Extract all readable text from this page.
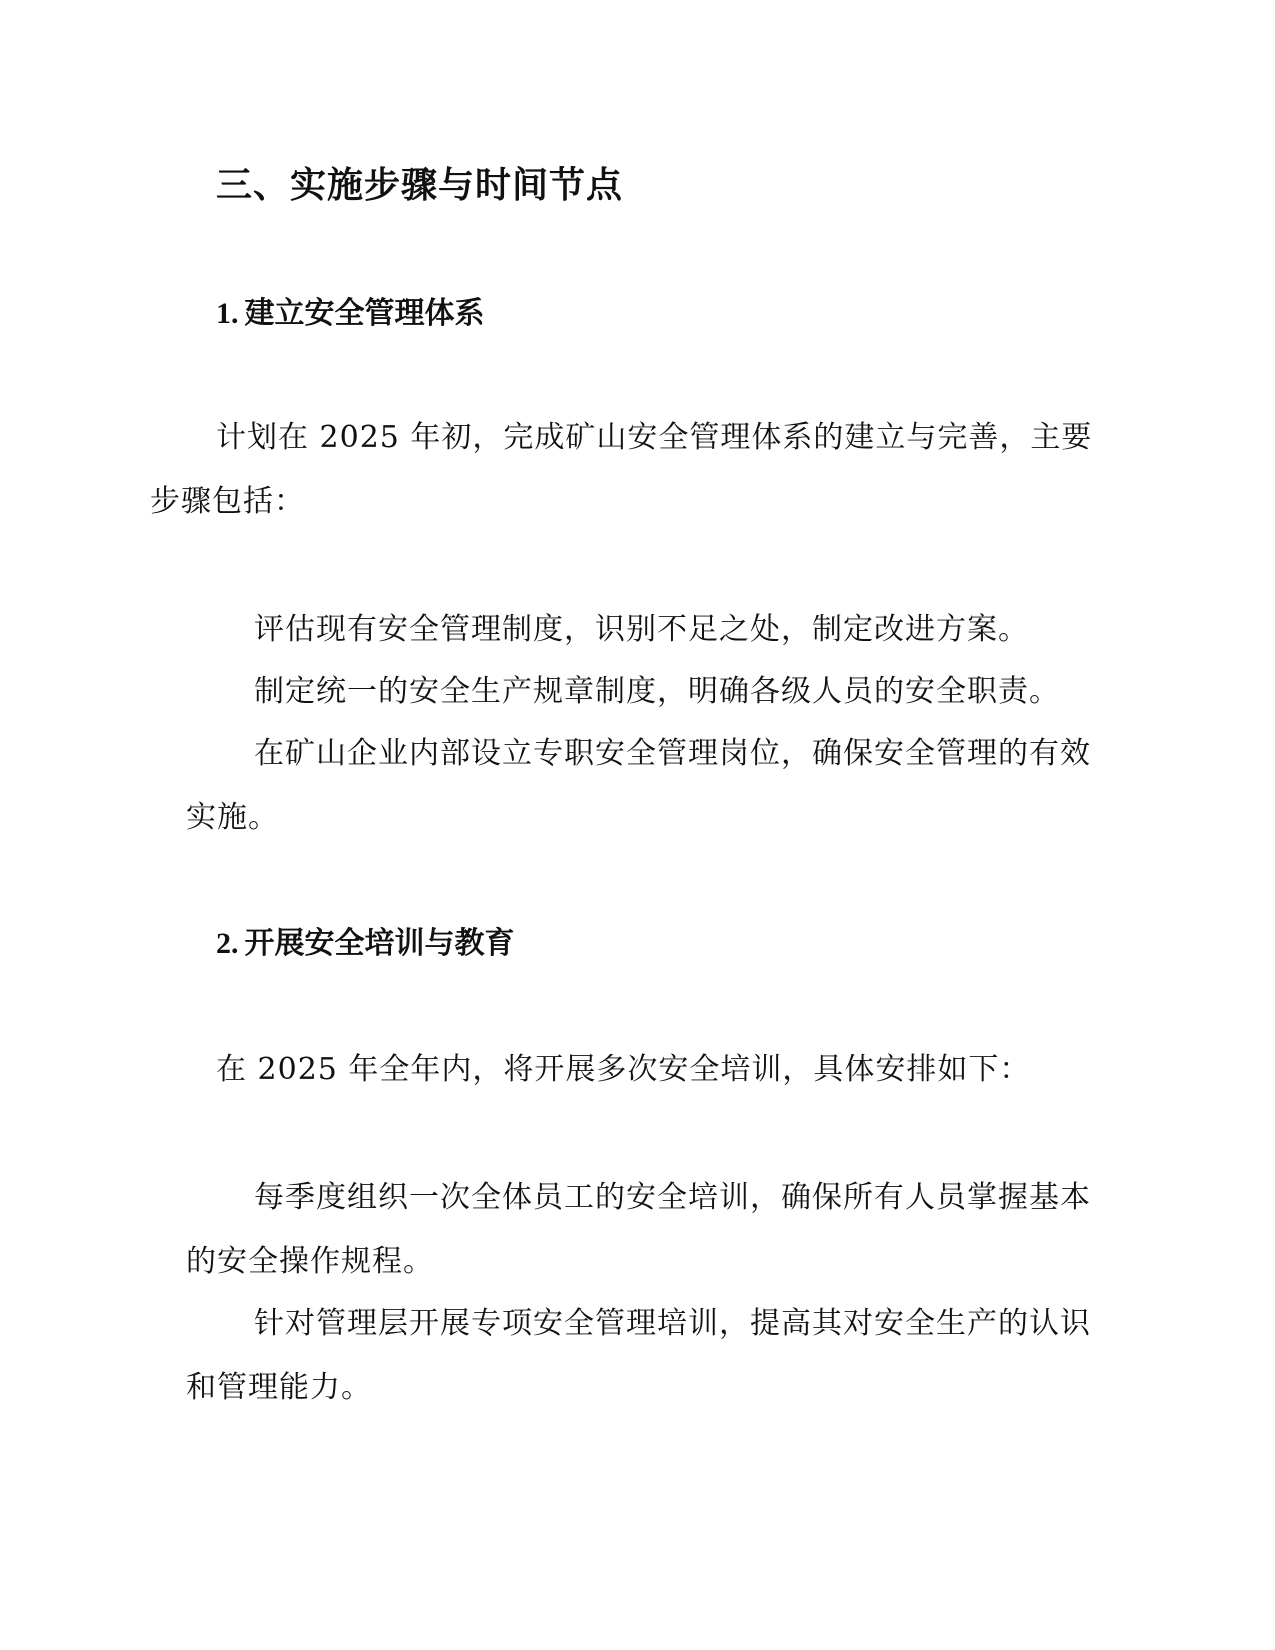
三、实施步骤与时间节点
1. 建立安全管理体系

计划在 2025 年初，完成矿山安全管理体系的建立与完善，主要步骤包括：

评估现有安全管理制度，识别不足之处，制定改进方案。

制定统一的安全生产规章制度，明确各级人员的安全职责。

在矿山企业内部设立专职安全管理岗位，确保安全管理的有效实施。

2. 开展安全培训与教育

在 2025 年全年内，将开展多次安全培训，具体安排如下：

每季度组织一次全体员工的安全培训，确保所有人员掌握基本的安全操作规程。

针对管理层开展专项安全管理培训，提高其对安全生产的认识和管理能力。
